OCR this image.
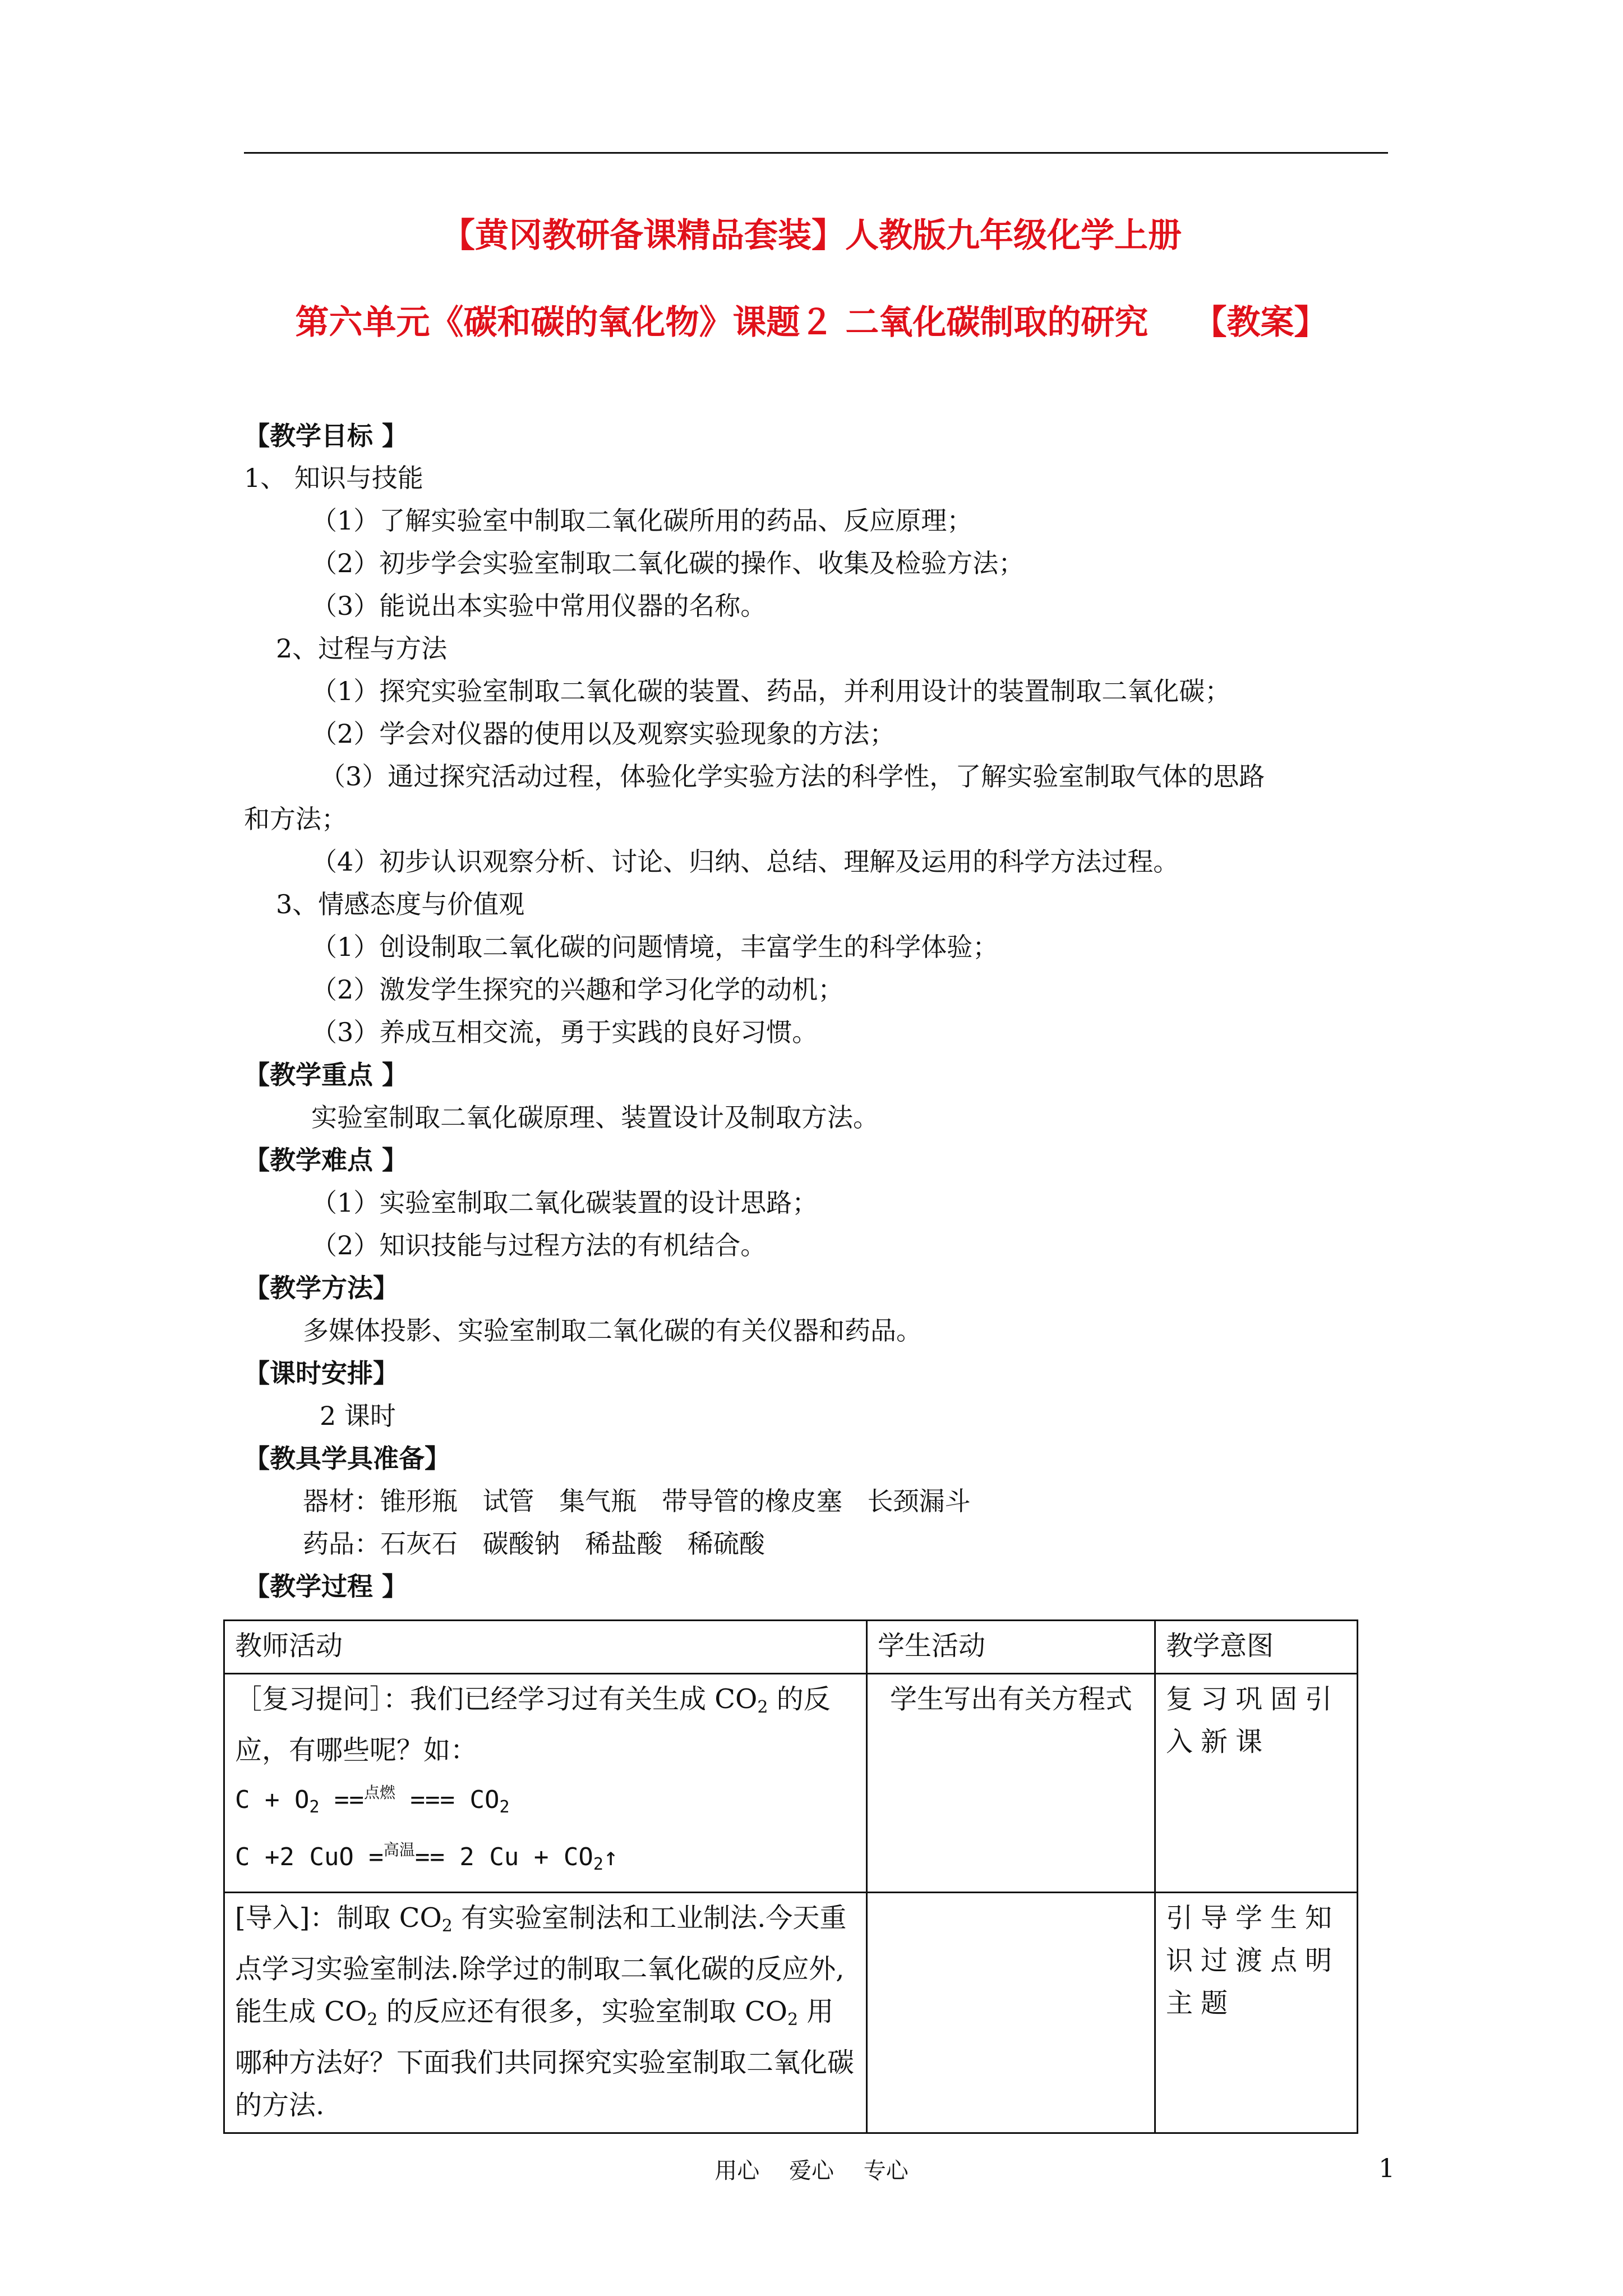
【黄冈教研备课精品套装】人教版九年级化学上册
第六单元《碳和碳的氧化物》课题２ 二氧化碳制取的研究 【教案】
【教学目标 】
1、 知识与技能
（1）了解实验室中制取二氧化碳所用的药品、反应原理；
（2）初步学会实验室制取二氧化碳的操作、收集及检验方法；
（3）能说出本实验中常用仪器的名称。
2、过程与方法
（1）探究实验室制取二氧化碳的装置、药品，并利用设计的装置制取二氧化碳；
（2）学会对仪器的使用以及观察实验现象的方法；
（3）通过探究活动过程，体验化学实验方法的科学性，了解实验室制取气体的思路
和方法；
（4）初步认识观察分析、讨论、归纳、总结、理解及运用的科学方法过程。
3、情感态度与价值观
（1）创设制取二氧化碳的问题情境，丰富学生的科学体验；
（2）激发学生探究的兴趣和学习化学的动机；
（3）养成互相交流，勇于实践的良好习惯。
【教学重点 】
实验室制取二氧化碳原理、装置设计及制取方法。
【教学难点 】
（1）实验室制取二氧化碳装置的设计思路；
（2）知识技能与过程方法的有机结合。
【教学方法】
多媒体投影、实验室制取二氧化碳的有关仪器和药品。
【课时安排】
2 课时
【教具学具准备】
器材：锥形瓶 试管 集气瓶 带导管的橡皮塞 长颈漏斗
药品：石灰石 碳酸钠 稀盐酸 稀硫酸
【教学过程 】
教师活动	学生活动	教学意图

［复习提问］：我们已经学习过有关生成 $CO_2$ 的反应，有哪些呢？如：
$C + O_2 ==^{点燃}$ === $CO_2$
C +2 CuO =$^{高温}$== 2 $Cu + CO_2↑$	学生写出有关方程式	复习巩固引入新课
[导入]：制取 $CO_2$ 有实验室制法和工业制法.今天重点学习实验室制法.除学过的制取二氧化碳的反应外,能生成 $CO_2$ 的反应还有很多，实验室制取 $CO_2$ 用哪种方法好？下面我们共同探究实验室制取二氧化碳的方法.		引导学生知识过渡点明主题
用心 爱心 专心	1
